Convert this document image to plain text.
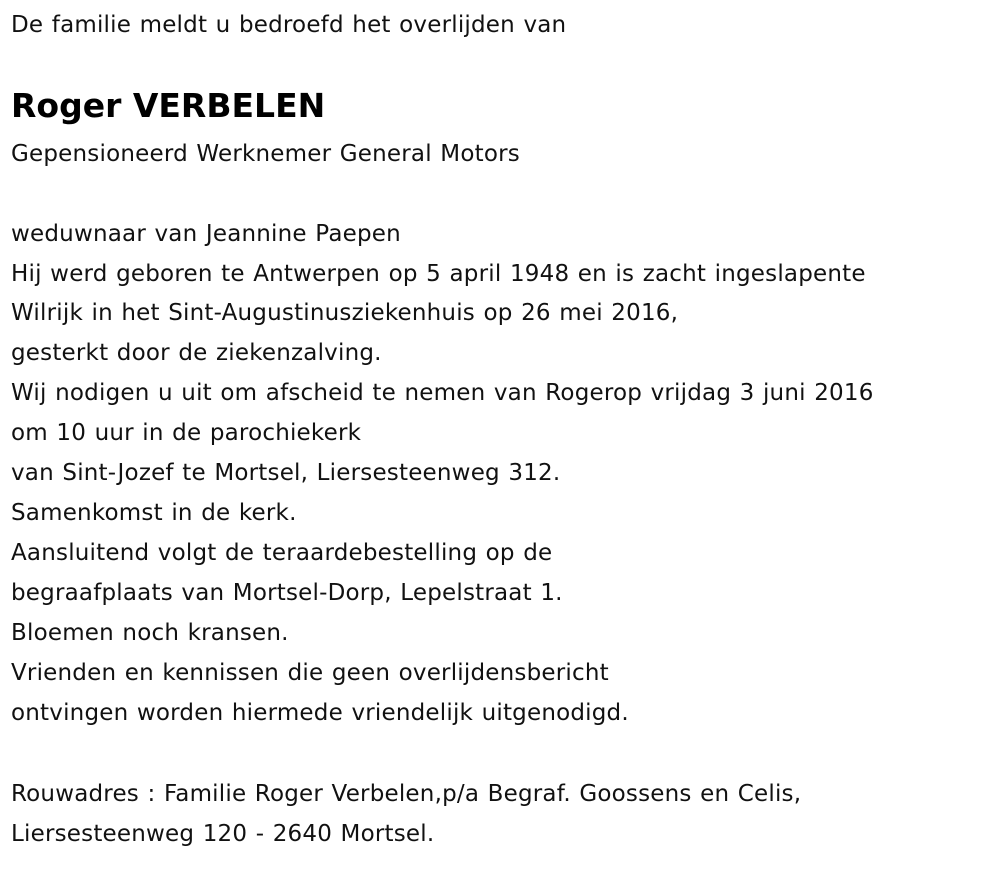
De familie meldt u bedroefd het overlijden van
Roger VERBELEN
Gepensioneerd Werknemer General Motors
weduwnaar van Jeannine Paepen
Hij werd geboren te Antwerpen op 5 april 1948 en is zacht ingeslapente
Wilrijk in het Sint-Augustinusziekenhuis op 26 mei 2016,
gesterkt door de ziekenzalving.
Wij nodigen u uit om afscheid te nemen van Rogerop vrijdag 3 juni 2016
om 10 uur in de parochiekerk
van Sint-Jozef te Mortsel, Liersesteenweg 312.
Samenkomst in de kerk.
Aansluitend volgt de teraardebestelling op de
begraafplaats van Mortsel-Dorp, Lepelstraat 1.
Bloemen noch kransen.
Vrienden en kennissen die geen overlijdensbericht
ontvingen worden hiermede vriendelijk uitgenodigd.
Rouwadres : Familie Roger Verbelen,p/a Begraf. Goossens en Celis,
Liersesteenweg 120 - 2640 Mortsel.
